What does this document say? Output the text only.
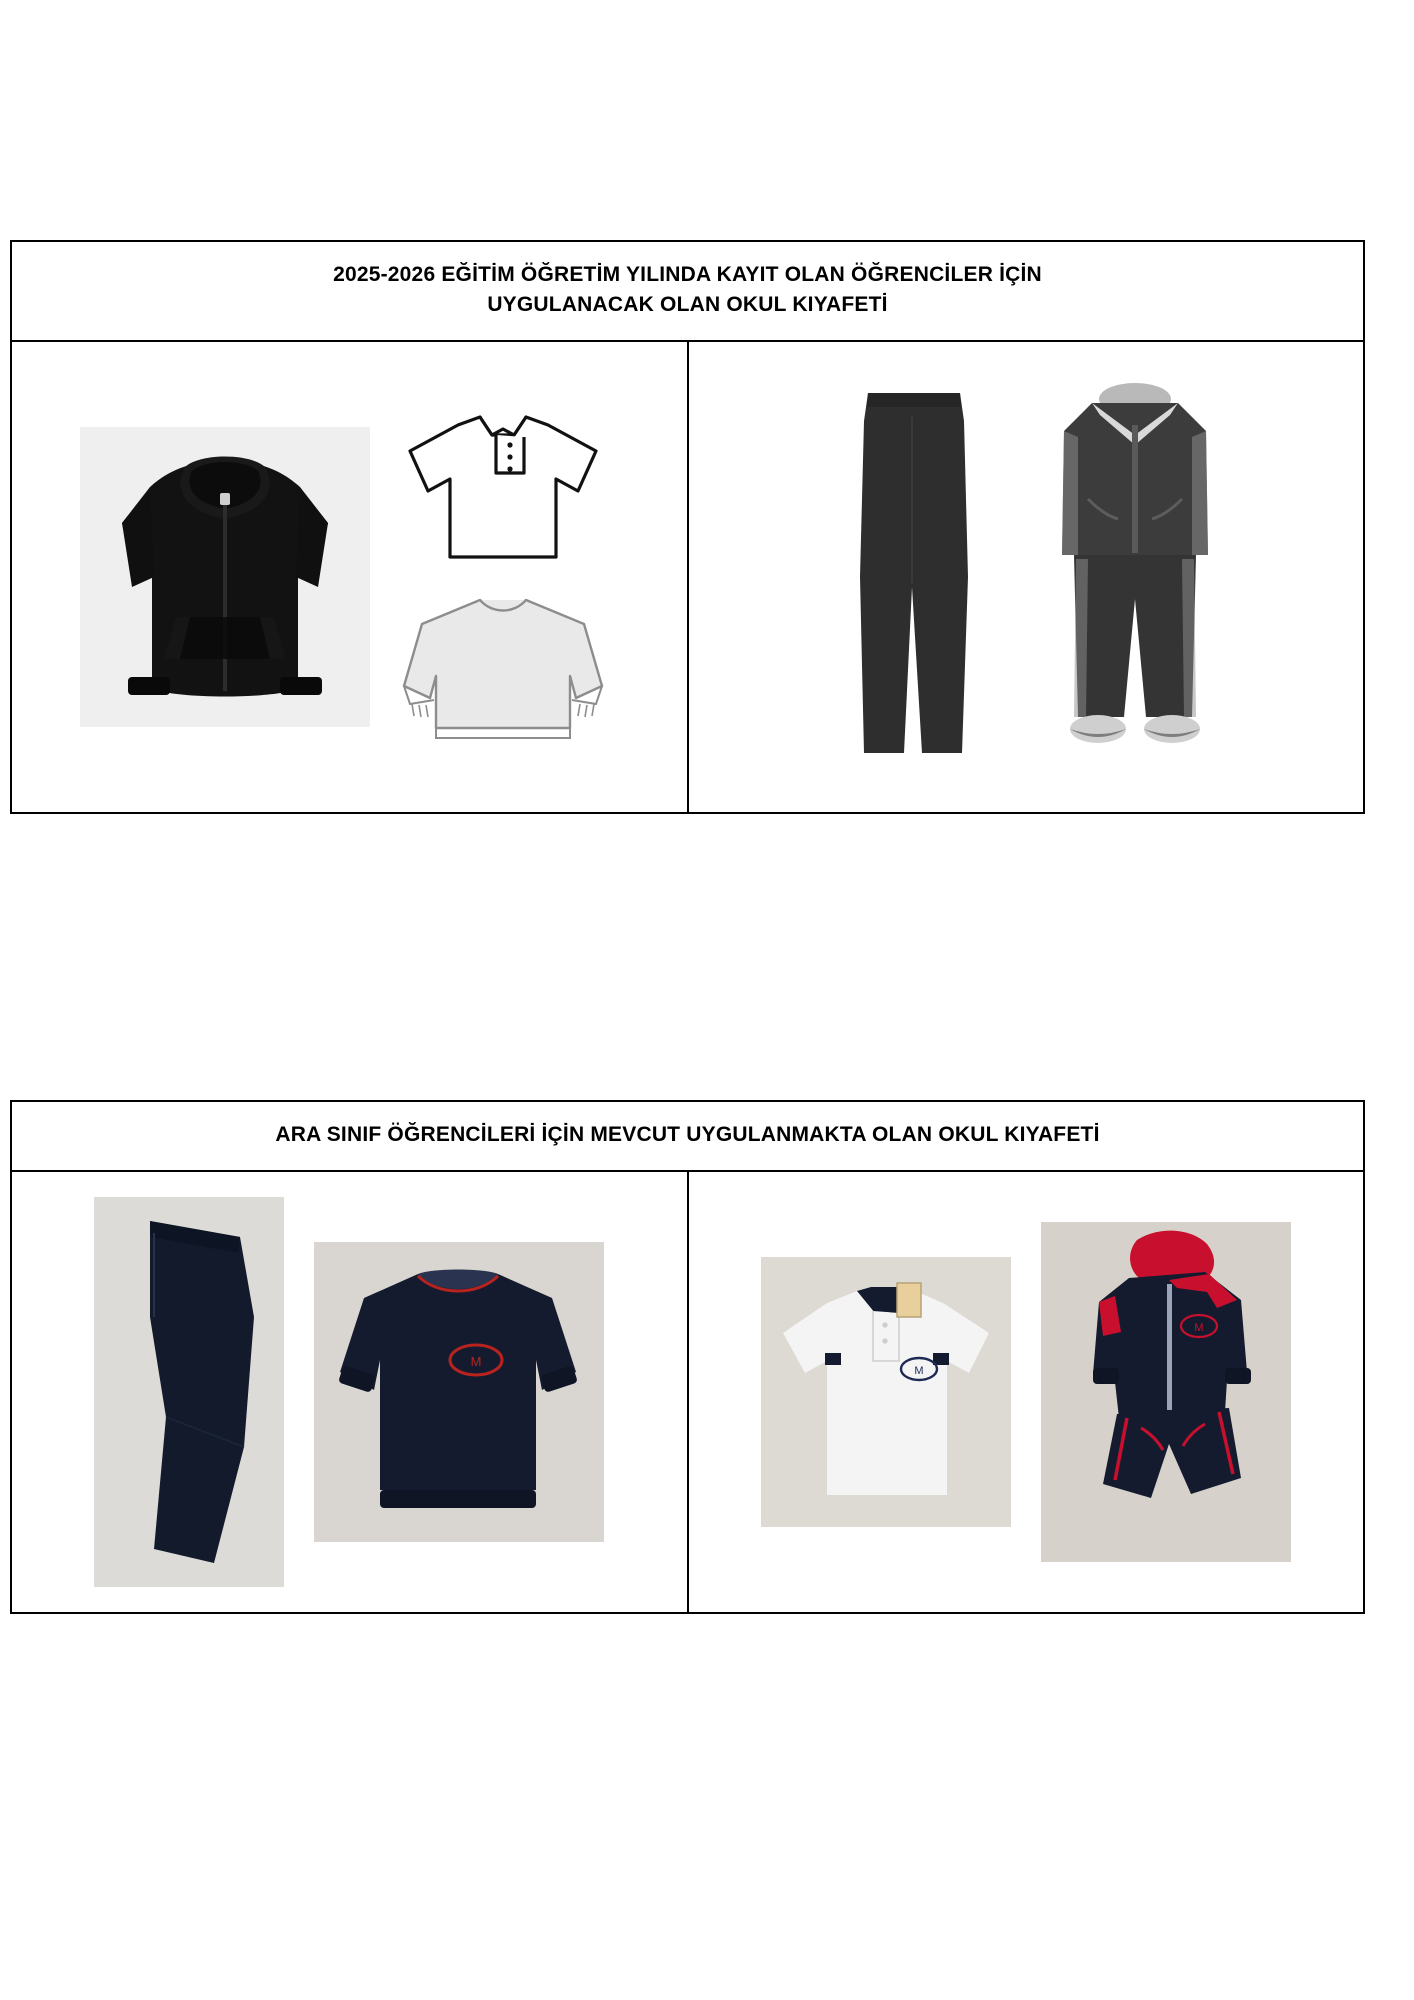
2025-2026 EĞİTİM ÖĞRETİM YILINDA KAYIT OLAN ÖĞRENCİLER İÇİN
UYGULANACAK OLAN OKUL KIYAFETİ

ARA SINIF ÖĞRENCİLERİ İÇİN MEVCUT UYGULANMAKTA OLAN OKUL KIYAFETİ

M

M
M
